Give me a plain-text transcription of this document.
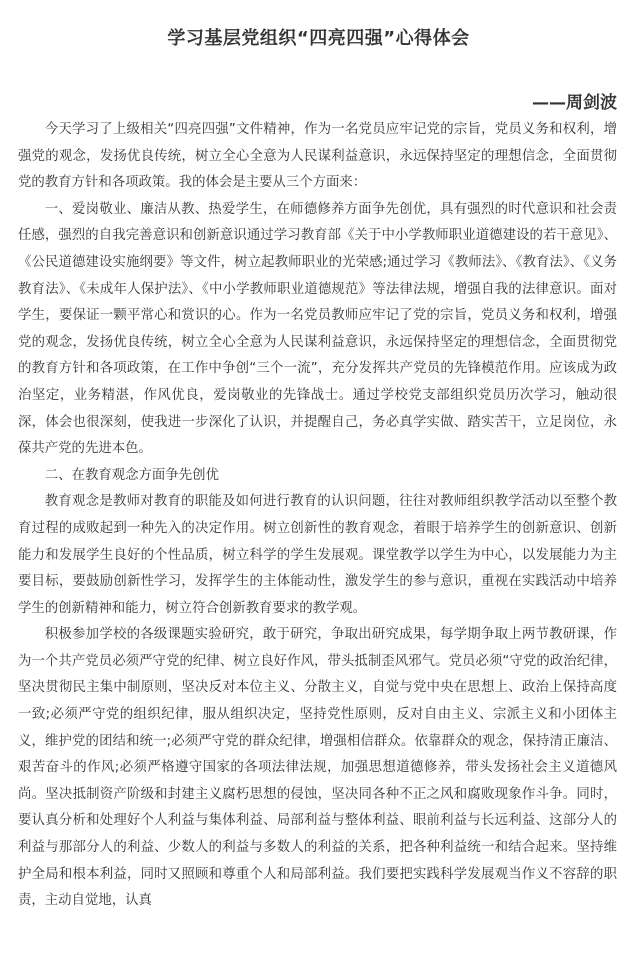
学习基层党组织“四亮四强”心得体会
——周剑波

今天学习了上级相关“四亮四强”文件精神，作为一名党员应牢记党的宗旨，党员义务和权利，增强党的观念，发扬优良传统，树立全心全意为人民谋利益意识，永远保持坚定的理想信念，全面贯彻党的教育方针和各项政策。我的体会是主要从三个方面来：

一、爱岗敬业、廉洁从教、热爱学生，在师德修养方面争先创优，具有强烈的时代意识和社会责任感，强烈的自我完善意识和创新意识通过学习教育部《关于中小学教师职业道德建设的若干意见》、《公民道德建设实施纲要》等文件，树立起教师职业的光荣感;通过学习《教师法》、《教育法》、《义务教育法》、《未成年人保护法》、《中小学教师职业道德规范》等法律法规，增强自我的法律意识。面对学生，要保证一颗平常心和赏识的心。作为一名党员教师应牢记了党的宗旨，党员义务和权利，增强党的观念，发扬优良传统，树立全心全意为人民谋利益意识，永远保持坚定的理想信念，全面贯彻党的教育方针和各项政策，在工作中争创“三个一流”，充分发挥共产党员的先锋模范作用。应该成为政治坚定，业务精湛，作风优良，爱岗敬业的先锋战士。通过学校党支部组织党员历次学习，触动很深，体会也很深刻，使我进一步深化了认识，并提醒自己，务必真学实做、踏实苦干，立足岗位，永葆共产党的先进本色。

二、在教育观念方面争先创优

教育观念是教师对教育的职能及如何进行教育的认识问题，往往对教师组织教学活动以至整个教育过程的成败起到一种先入的决定作用。树立创新性的教育观念，着眼于培养学生的创新意识、创新能力和发展学生良好的个性品质，树立科学的学生发展观。课堂教学以学生为中心，以发展能力为主要目标，要鼓励创新性学习，发挥学生的主体能动性，激发学生的参与意识，重视在实践活动中培养学生的创新精神和能力，树立符合创新教育要求的教学观。

积极参加学校的各级课题实验研究，敢于研究，争取出研究成果，每学期争取上两节教研课，作为一个共产党员必须严守党的纪律、树立良好作风，带头抵制歪风邪气。党员必须“守党的政治纪律，坚决贯彻民主集中制原则，坚决反对本位主义、分散主义，自觉与党中央在思想上、政治上保持高度一致;必须严守党的组织纪律，服从组织决定，坚持党性原则，反对自由主义、宗派主义和小团体主义，维护党的团结和统一;必须严守党的群众纪律，增强相信群众。依靠群众的观念，保持清正廉洁、艰苦奋斗的作风;必须严格遵守国家的各项法律法规，加强思想道德修养，带头发扬社会主义道德风尚。坚决抵制资产阶级和封建主义腐朽思想的侵蚀，坚决同各种不正之风和腐败现象作斗争。同时，要认真分析和处理好个人利益与集体利益、局部利益与整体利益、眼前利益与长远利益、这部分人的利益与那部分人的利益、少数人的利益与多数人的利益的关系，把各种利益统一和结合起来。坚持维护全局和根本利益，同时又照顾和尊重个人和局部利益。我们要把实践科学发展观当作义不容辞的职责，主动自觉地，认真
